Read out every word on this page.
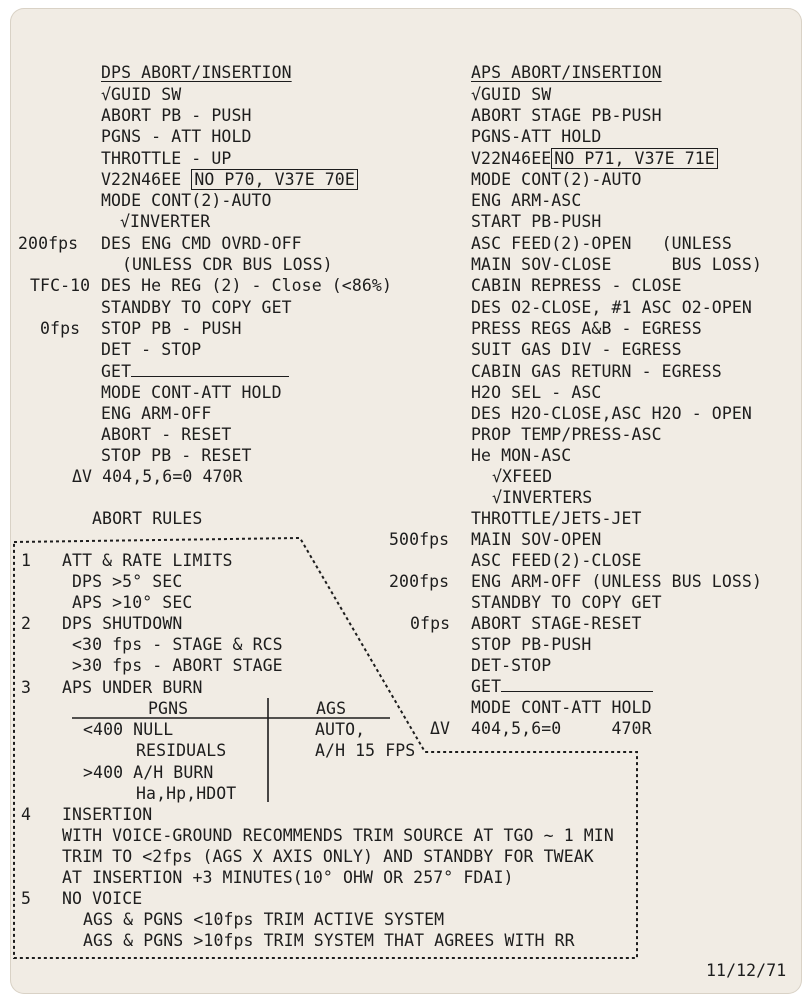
DPS ABORT/INSERTION
√GUID SW
ABORT PB - PUSH
PGNS - ATT HOLD
THROTTLE - UP
V22N46EE NO P70, V37E 70E
MODE CONT(2)-AUTO
√INVERTER
200fps DES ENG CMD OVRD-OFF
(UNLESS CDR BUS LOSS)
TFC-10 DES He REG (2) - Close (<86%)
STANDBY TO COPY GET
0fps STOP PB - PUSH
DET - STOP
GET
MODE CONT-ATT HOLD
ENG ARM-OFF
ABORT - RESET
STOP PB - RESET
ΔV 404,5,6=0 470R
APS ABORT/INSERTION
√GUID SW
ABORT STAGE PB-PUSH
PGNS-ATT HOLD
V22N46EE NO P71, V37E 71E
MODE CONT(2)-AUTO
ENG ARM-ASC
START PB-PUSH
ASC FEED(2)-OPEN   (UNLESS
MAIN SOV-CLOSE      BUS LOSS)
CABIN REPRESS - CLOSE
DES O2-CLOSE, #1 ASC O2-OPEN
PRESS REGS A&B - EGRESS
SUIT GAS DIV - EGRESS
CABIN GAS RETURN - EGRESS
H2O SEL - ASC
DES H2O-CLOSE,ASC H2O - OPEN
PROP TEMP/PRESS-ASC
He MON-ASC
√XFEED
√INVERTERS
THROTTLE/JETS-JET
500fps MAIN SOV-OPEN
ASC FEED(2)-CLOSE
200fps ENG ARM-OFF (UNLESS BUS LOSS)
STANDBY TO COPY GET
0fps ABORT STAGE-RESET
STOP PB-PUSH
DET-STOP
GET
MODE CONT-ATT HOLD
ΔV 404,5,6=0     470R
ABORT RULES
1 ATT & RATE LIMITS
DPS >5° SEC
APS >10° SEC
2 DPS SHUTDOWN
<30 fps - STAGE & RCS
>30 fps - ABORT STAGE
3 APS UNDER BURN
PGNS	AGS
<400 NULL	AUTO,
RESIDUALS	A/H 15 FPS
>400 A/H BURN
Ha,Hp,HDOT
4 INSERTION
WITH VOICE-GROUND RECOMMENDS TRIM SOURCE AT TGO ~ 1 MIN
TRIM TO <2fps (AGS X AXIS ONLY) AND STANDBY FOR TWEAK
AT INSERTION +3 MINUTES(10° OHW OR 257° FDAI)
5 NO VOICE
AGS & PGNS <10fps TRIM ACTIVE SYSTEM
AGS & PGNS >10fps TRIM SYSTEM THAT AGREES WITH RR
11/12/71
